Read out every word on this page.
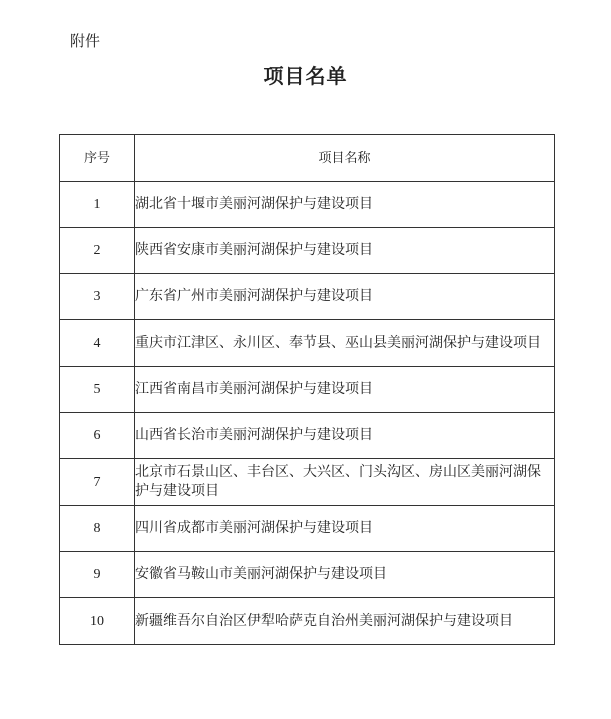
附件
项目名单
序号	项目名称
1	湖北省十堰市美丽河湖保护与建设项目
2	陕西省安康市美丽河湖保护与建设项目
3	广东省广州市美丽河湖保护与建设项目
4	重庆市江津区、永川区、奉节县、巫山县美丽河湖保护与建设项目
5	江西省南昌市美丽河湖保护与建设项目
6	山西省长治市美丽河湖保护与建设项目
7	北京市石景山区、丰台区、大兴区、门头沟区、房山区美丽河湖保护与建设项目
8	四川省成都市美丽河湖保护与建设项目
9	安徽省马鞍山市美丽河湖保护与建设项目
10	新疆维吾尔自治区伊犁哈萨克自治州美丽河湖保护与建设项目
